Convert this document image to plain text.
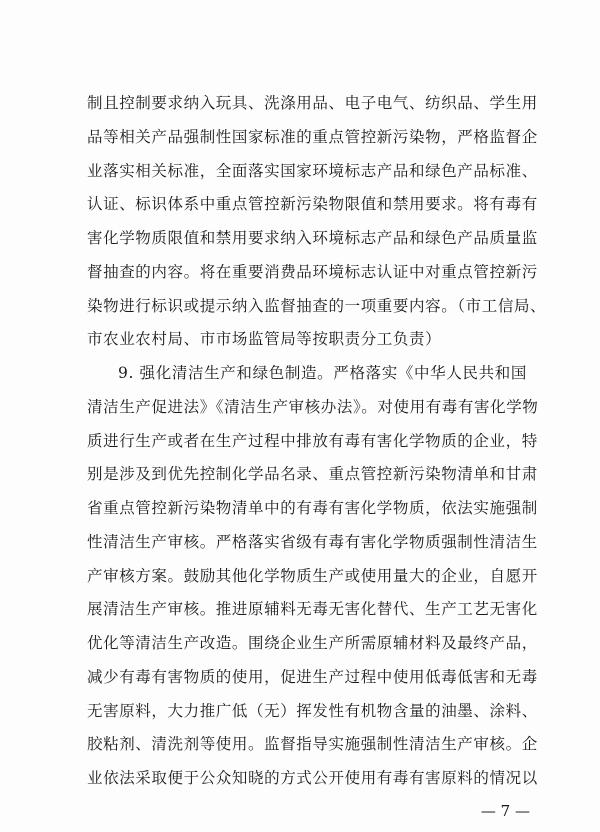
制且控制要求纳入玩具、洗涤用品、电子电气、纺织品、学生用
品等相关产品强制性国家标准的重点管控新污染物，严格监督企
业落实相关标准，全面落实国家环境标志产品和绿色产品标准、
认证、标识体系中重点管控新污染物限值和禁用要求。将有毒有
害化学物质限值和禁用要求纳入环境标志产品和绿色产品质量监
督抽查的内容。将在重要消费品环境标志认证中对重点管控新污
染物进行标识或提示纳入监督抽查的一项重要内容。（市工信局、
市农业农村局、市市场监管局等按职责分工负责）
9. 强化清洁生产和绿色制造。严格落实《中华人民共和国
清洁生产促进法》《清洁生产审核办法》。对使用有毒有害化学物
质进行生产或者在生产过程中排放有毒有害化学物质的企业，特
别是涉及到优先控制化学品名录、重点管控新污染物清单和甘肃
省重点管控新污染物清单中的有毒有害化学物质，依法实施强制
性清洁生产审核。严格落实省级有毒有害化学物质强制性清洁生
产审核方案。鼓励其他化学物质生产或使用量大的企业，自愿开
展清洁生产审核。推进原辅料无毒无害化替代、生产工艺无害化
优化等清洁生产改造。围绕企业生产所需原辅材料及最终产品，
减少有毒有害物质的使用，促进生产过程中使用低毒低害和无毒
无害原料，大力推广低（无）挥发性有机物含量的油墨、涂料、
胶粘剂、清洗剂等使用。监督指导实施强制性清洁生产审核。企
业依法采取便于公众知晓的方式公开使用有毒有害原料的情况以
— 7 —
